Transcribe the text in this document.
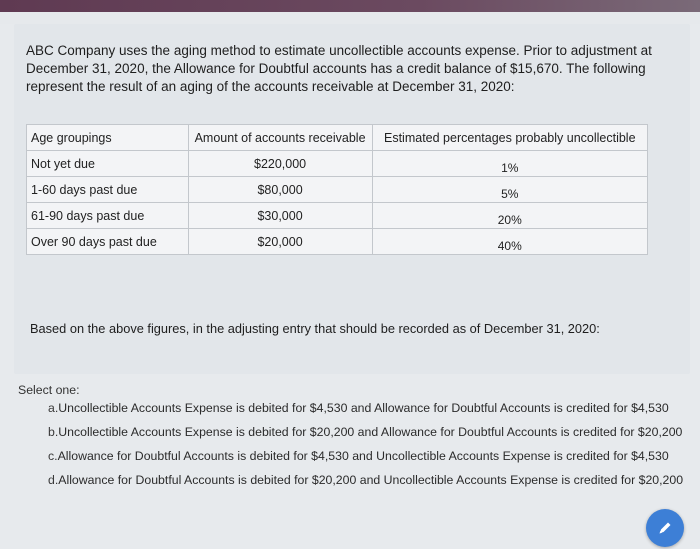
ABC Company uses the aging method to estimate uncollectible accounts expense. Prior to adjustment at December 31, 2020, the Allowance for Doubtful accounts has a credit balance of $15,670. The following represent the result of an aging of the accounts receivable at December 31, 2020:
Age groupings	Amount of accounts receivable	Estimated percentages probably uncollectible
Not yet due	$220,000	1%
1-60 days past due	$80,000	5%
61-90 days past due	$30,000	20%
Over 90 days past due	$20,000	40%
Based on the above figures, in the adjusting entry that should be recorded as of December 31, 2020:
Select one:
a. Uncollectible Accounts Expense is debited for $4,530 and Allowance for Doubtful Accounts is credited for $4,530
b. Uncollectible Accounts Expense is debited for $20,200 and Allowance for Doubtful Accounts is credited for $20,200
c. Allowance for Doubtful Accounts is debited for $4,530 and Uncollectible Accounts Expense is credited for $4,530
d. Allowance for Doubtful Accounts is debited for $20,200 and Uncollectible Accounts Expense is credited for $20,200
